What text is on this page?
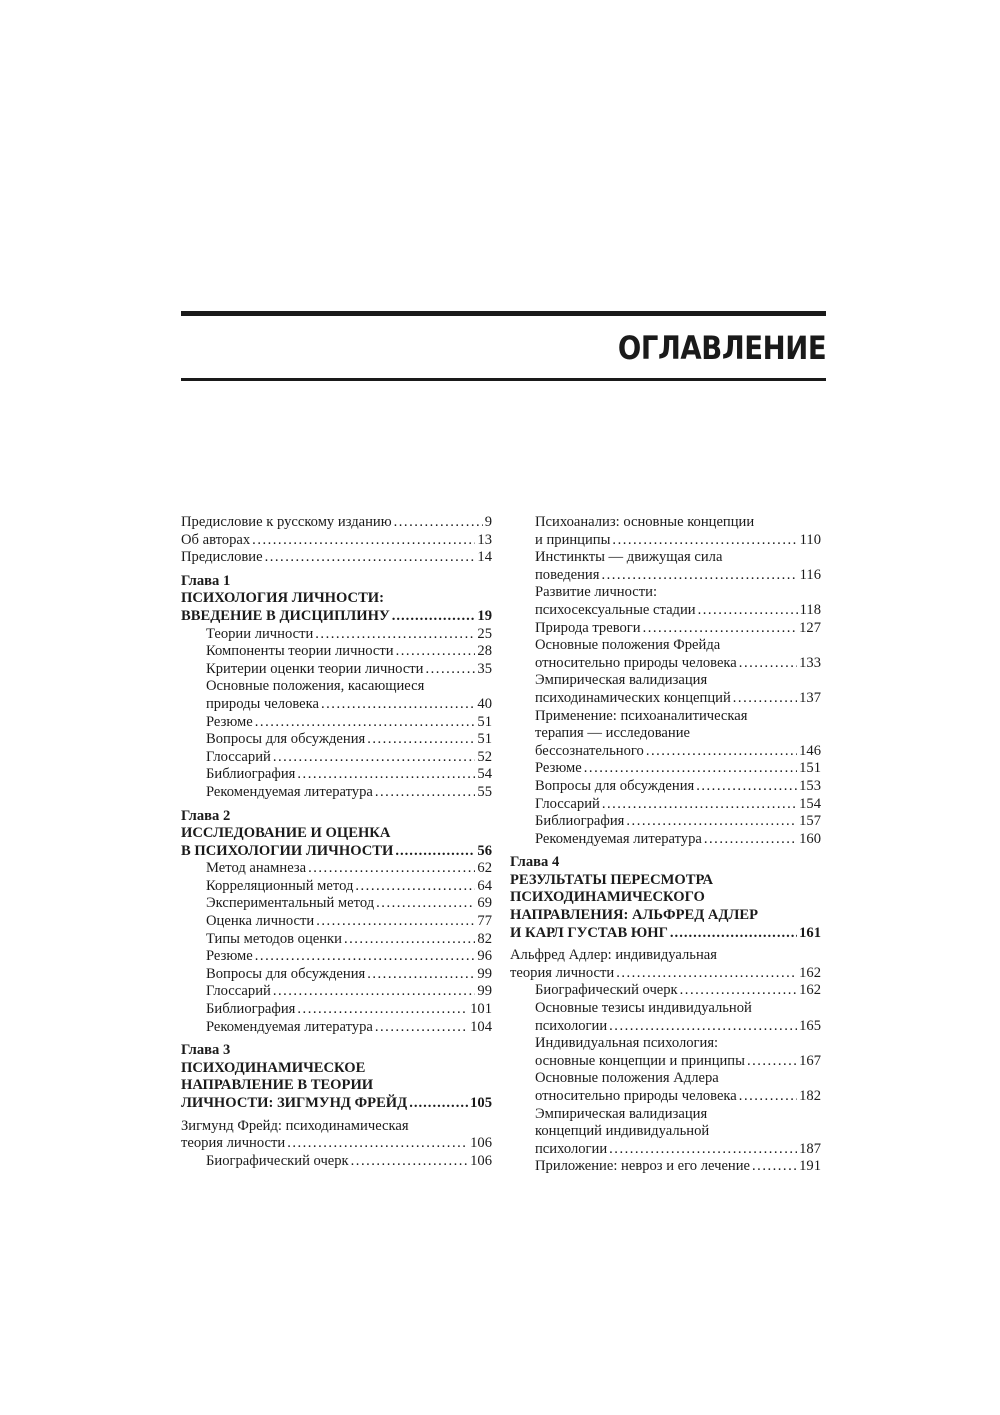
ОГЛАВЛЕНИЕ
Предисловие к русскому изданию .....	9
Об авторах .....	13
Предисловие .....	14
Глава 1
ПСИХОЛОГИЯ ЛИЧНОСТИ:
ВВЕДЕНИЕ В ДИСЦИПЛИНУ .....	19
Теории личности .....	25
Компоненты теории личности .....	28
Критерии оценки теории личности .....	35
Основные положения, касающиеся
природы человека .....	40
Резюме .....	51
Вопросы для обсуждения .....	51
Глоссарий .....	52
Библиография .....	54
Рекомендуемая литература .....	55
Глава 2
ИССЛЕДОВАНИЕ И ОЦЕНКА
В ПСИХОЛОГИИ ЛИЧНОСТИ .....	56
Метод анамнеза .....	62
Корреляционный метод .....	64
Экспериментальный метод .....	69
Оценка личности .....	77
Типы методов оценки .....	82
Резюме .....	96
Вопросы для обсуждения .....	99
Глоссарий .....	99
Библиография .....	101
Рекомендуемая литература .....	104
Глава 3
ПСИХОДИНАМИЧЕСКОЕ
НАПРАВЛЕНИЕ В ТЕОРИИ
ЛИЧНОСТИ: ЗИГМУНД ФРЕЙД .....	105
Зигмунд Фрейд: психодинамическая
теория личности .....	106
Биографический очерк .....	106
Психоанализ: основные концепции
и принципы .....	110
Инстинкты — движущая сила
поведения .....	116
Развитие личности:
психосексуальные стадии .....	118
Природа тревоги .....	127
Основные положения Фрейда
относительно природы человека .....	133
Эмпирическая валидизация
психодинамических концепций .....	137
Применение: психоаналитическая
терапия — исследование
бессознательного .....	146
Резюме .....	151
Вопросы для обсуждения .....	153
Глоссарий .....	154
Библиография .....	157
Рекомендуемая литература .....	160
Глава 4
РЕЗУЛЬТАТЫ ПЕРЕСМОТРА
ПСИХОДИНАМИЧЕСКОГО
НАПРАВЛЕНИЯ: АЛЬФРЕД АДЛЕР
И КАРЛ ГУСТАВ ЮНГ .....	161
Альфред Адлер: индивидуальная
теория личности .....	162
Биографический очерк .....	162
Основные тезисы индивидуальной
психологии .....	165
Индивидуальная психология:
основные концепции и принципы .....	167
Основные положения Адлера
относительно природы человека .....	182
Эмпирическая валидизация
концепций индивидуальной
психологии .....	187
Приложение: невроз и его лечение .....	191
